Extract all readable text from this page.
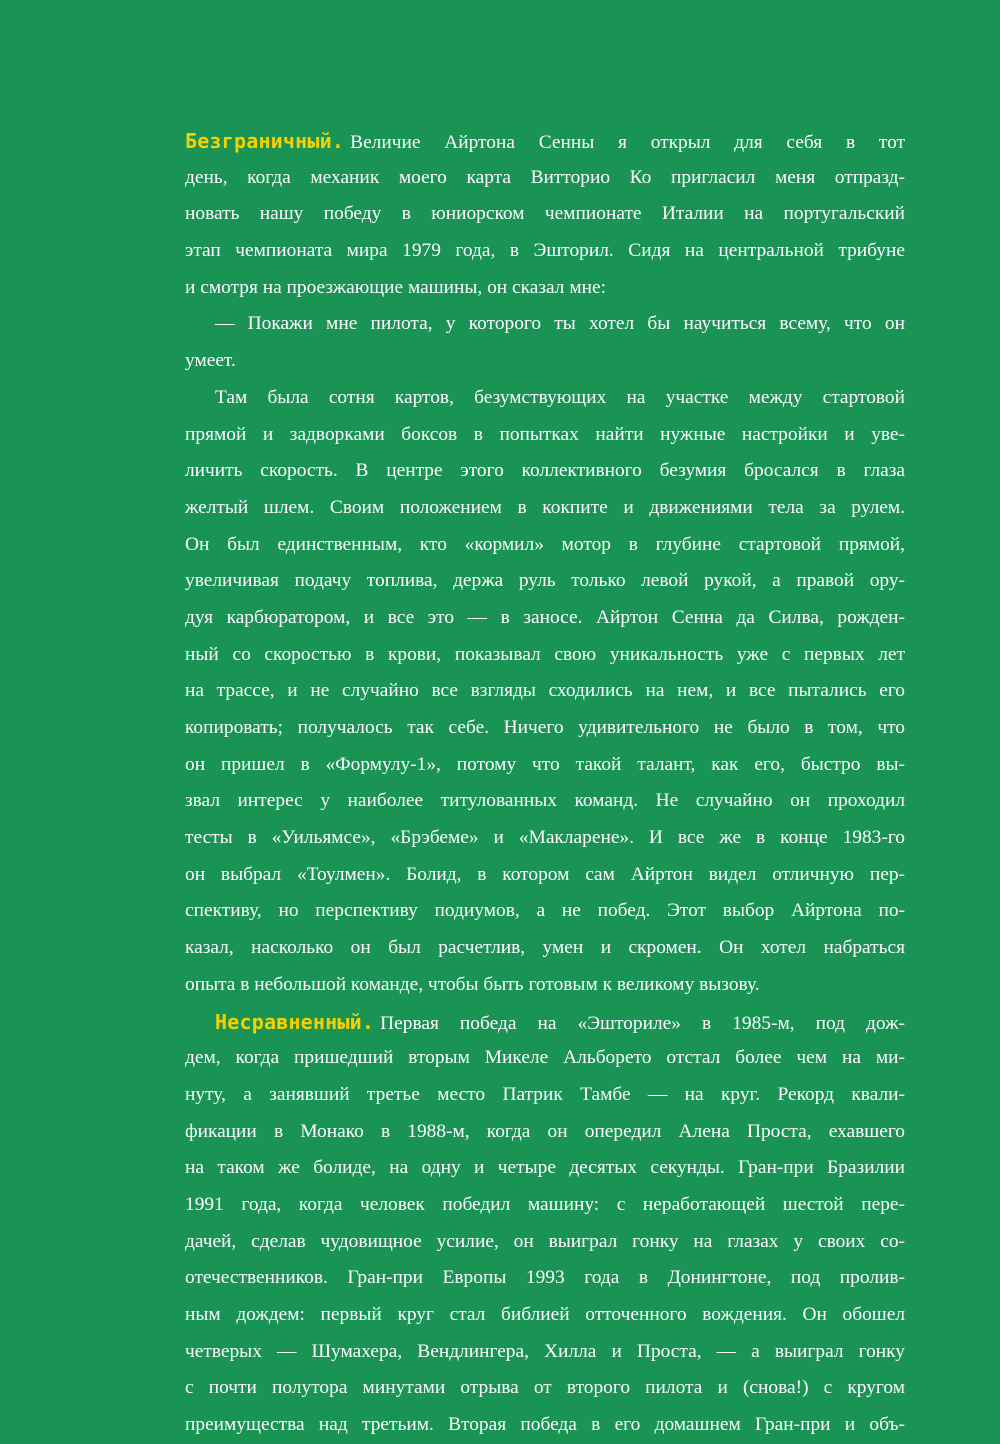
Безграничный. Величие Айртона Сенны я открыл для себя в тот
день, когда механик моего карта Витторио Ко пригласил меня отпразд-
новать нашу победу в юниорском чемпионате Италии на португальский
этап чемпионата мира 1979 года, в Эшторил. Сидя на центральной трибуне
и смотря на проезжающие машины, он сказал мне:
— Покажи мне пилота, у которого ты хотел бы научиться всему, что он
умеет.
Там была сотня картов, безумствующих на участке между стартовой
прямой и задворками боксов в попытках найти нужные настройки и уве-
личить скорость. В центре этого коллективного безумия бросался в глаза
желтый шлем. Своим положением в кокпите и движениями тела за рулем.
Он был единственным, кто «кормил» мотор в глубине стартовой прямой,
увеличивая подачу топлива, держа руль только левой рукой, а правой ору-
дуя карбюратором, и все это — в заносе. Айртон Сенна да Силва, рожден-
ный со скоростью в крови, показывал свою уникальность уже с первых лет
на трассе, и не случайно все взгляды сходились на нем, и все пытались его
копировать; получалось так себе. Ничего удивительного не было в том, что
он пришел в «Формулу-1», потому что такой талант, как его, быстро вы-
звал интерес у наиболее титулованных команд. Не случайно он проходил
тесты в «Уильямсе», «Брэбеме» и «Макларене». И все же в конце 1983-го
он выбрал «Тоулмен». Болид, в котором сам Айртон видел отличную пер-
спективу, но перспективу подиумов, а не побед. Этот выбор Айртона по-
казал, насколько он был расчетлив, умен и скромен. Он хотел набраться
опыта в небольшой команде, чтобы быть готовым к великому вызову.
Несравненный. Первая победа на «Эшториле» в 1985-м, под дож-
дем, когда пришедший вторым Микеле Альборето отстал более чем на ми-
нуту, а занявший третье место Патрик Тамбе — на круг. Рекорд квали-
фикации в Монако в 1988-м, когда он опередил Алена Проста, ехавшего
на таком же болиде, на одну и четыре десятых секунды. Гран-при Бразилии
1991 года, когда человек победил машину: с неработающей шестой пере-
дачей, сделав чудовищное усилие, он выиграл гонку на глазах у своих со-
отечественников. Гран-при Европы 1993 года в Донингтоне, под пролив-
ным дождем: первый круг стал библией отточенного вождения. Он обошел
четверых — Шумахера, Вендлингера, Хилла и Проста, — а выиграл гонку
с почти полутора минутами отрыва от второго пилота и (снова!) с кругом
преимущества над третьим. Вторая победа в его домашнем Гран-при и объ-
